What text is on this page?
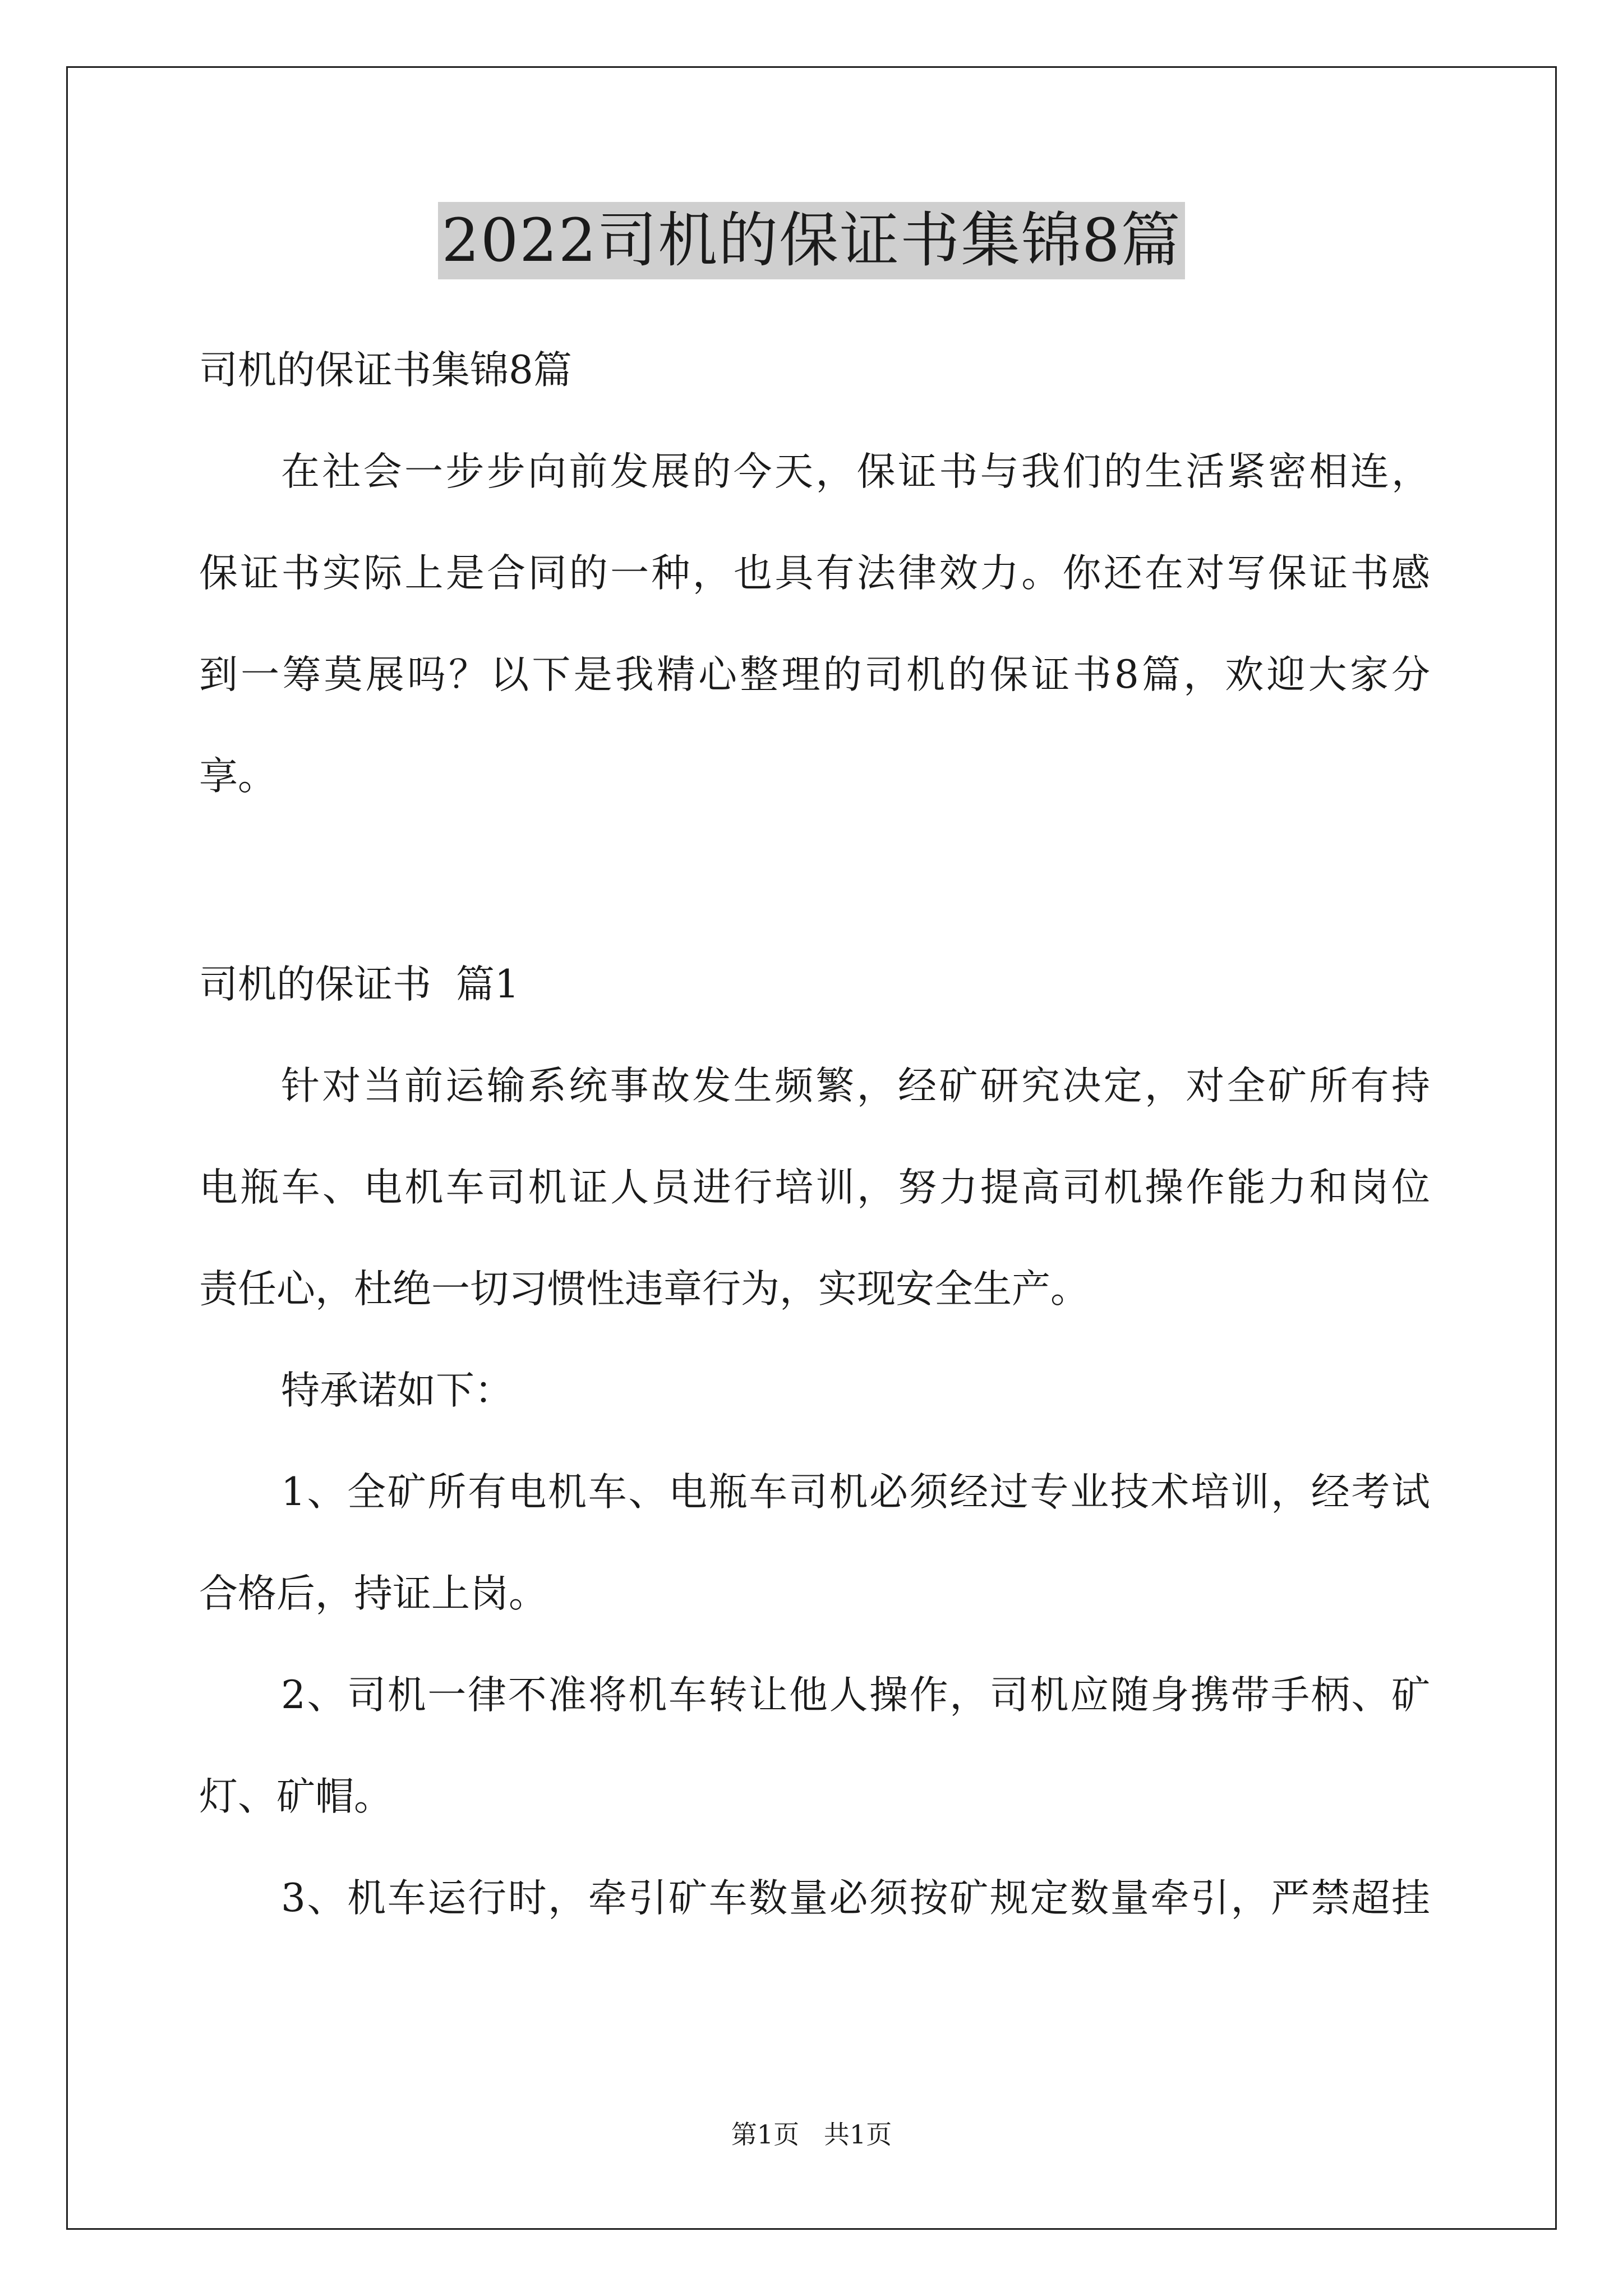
2022司机的保证书集锦8篇
司机的保证书集锦8篇
在社会一步步向前发展的今天，保证书与我们的生活紧密相连，
保证书实际上是合同的一种，也具有法律效力。你还在对写保证书感
到一筹莫展吗？以下是我精心整理的司机的保证书8篇，欢迎大家分
享。
司机的保证书  篇1
针对当前运输系统事故发生频繁，经矿研究决定，对全矿所有持
电瓶车、电机车司机证人员进行培训，努力提高司机操作能力和岗位
责任心，杜绝一切习惯性违章行为，实现安全生产。
特承诺如下：
1、全矿所有电机车、电瓶车司机必须经过专业技术培训，经考试
合格后，持证上岗。
2、司机一律不准将机车转让他人操作，司机应随身携带手柄、矿
灯、矿帽。
3、机车运行时，牵引矿车数量必须按矿规定数量牵引，严禁超挂
第1页   共1页
